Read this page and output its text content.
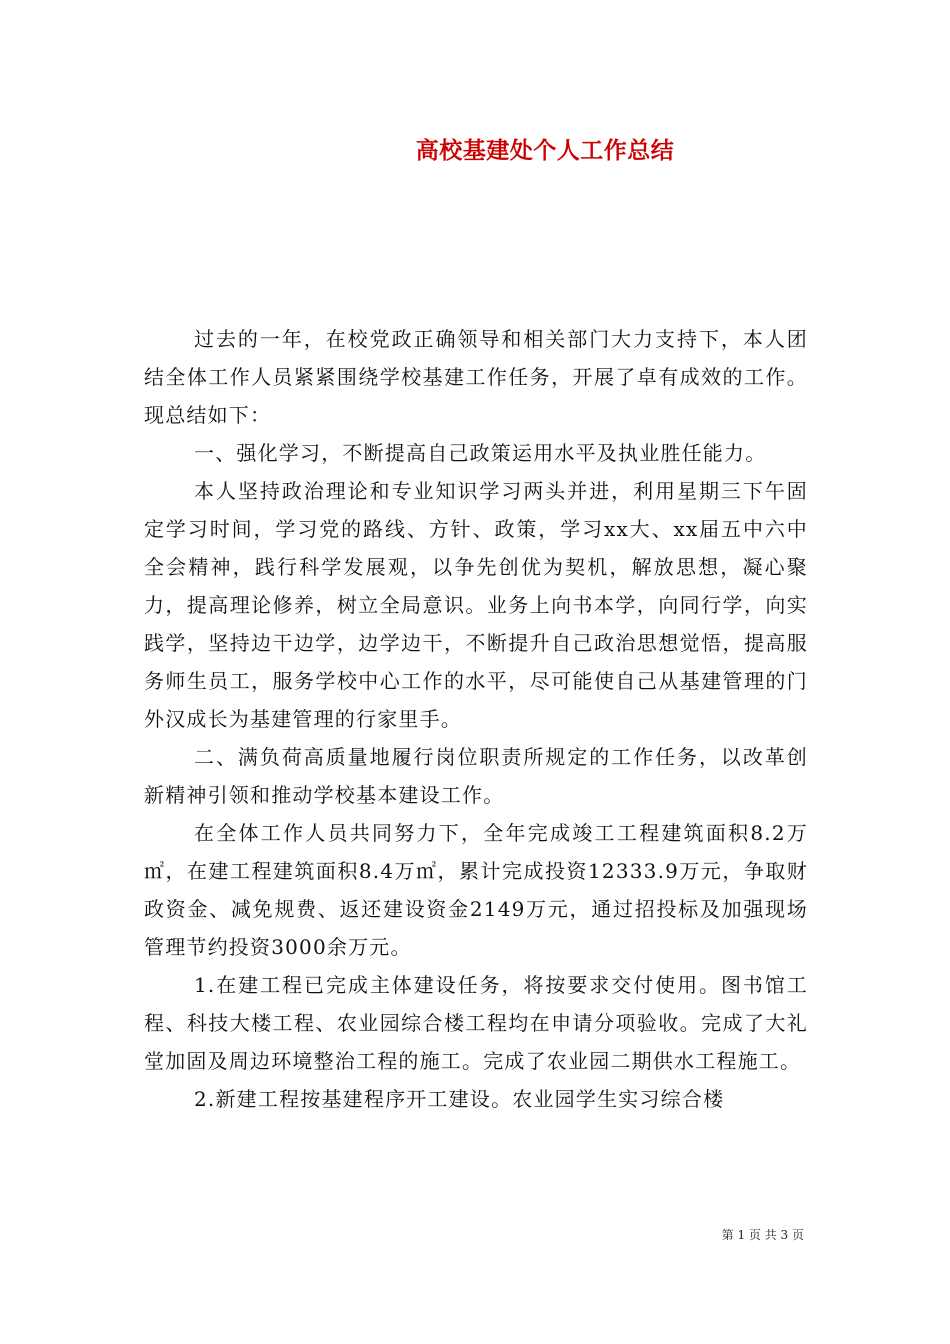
高校基建处个人工作总结

过去的一年，在校党政正确领导和相关部门大力支持下，本人团结全体工作人员紧紧围绕学校基建工作任务，开展了卓有成效的工作。现总结如下：

一、强化学习，不断提高自己政策运用水平及执业胜任能力。

本人坚持政治理论和专业知识学习两头并进，利用星期三下午固定学习时间，学习党的路线、方针、政策，学习xx大、xx届五中六中全会精神，践行科学发展观，以争先创优为契机，解放思想，凝心聚力，提高理论修养，树立全局意识。业务上向书本学，向同行学，向实践学，坚持边干边学，边学边干，不断提升自己政治思想觉悟，提高服务师生员工，服务学校中心工作的水平，尽可能使自己从基建管理的门外汉成长为基建管理的行家里手。

二、满负荷高质量地履行岗位职责所规定的工作任务，以改革创新精神引领和推动学校基本建设工作。

在全体工作人员共同努力下，全年完成竣工工程建筑面积8.2万㎡，在建工程建筑面积8.4万㎡，累计完成投资12333.9万元，争取财政资金、减免规费、返还建设资金2149万元，通过招投标及加强现场管理节约投资3000余万元。

1.在建工程已完成主体建设任务，将按要求交付使用。图书馆工程、科技大楼工程、农业园综合楼工程均在申请分项验收。完成了大礼堂加固及周边环境整治工程的施工。完成了农业园二期供水工程施工。

2.新建工程按基建程序开工建设。农业园学生实习综合楼

第 1 页 共 3 页
